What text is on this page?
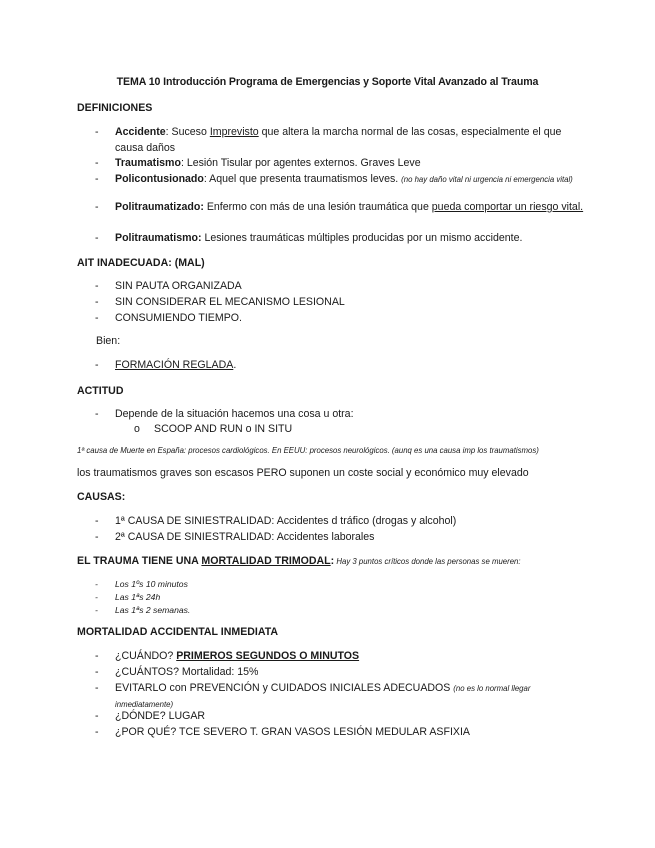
TEMA 10 Introducción Programa de Emergencias y Soporte Vital Avanzado al Trauma
DEFINICIONES
- Accidente: Suceso Imprevisto que altera la marcha normal de las cosas, especialmente el que causa daños
- Traumatismo: Lesión Tisular por agentes externos. Graves Leve
- Policontusionado: Aquel que presenta traumatismos leves. (no hay daño vital ni urgencia ni emergencia vital)
- Politraumatizado: Enfermo con más de una lesión traumática que pueda comportar un riesgo vital.
- Politraumatismo: Lesiones traumáticas múltiples producidas por un mismo accidente.
AIT INADECUADA: (MAL)
- SIN PAUTA ORGANIZADA
- SIN CONSIDERAR EL MECANISMO LESIONAL
- CONSUMIENDO TIEMPO.
Bien:
- FORMACIÓN REGLADA.
ACTITUD
- Depende de la situación hacemos una cosa u otra:
o SCOOP AND RUN o IN SITU
1ª causa de Muerte en España: procesos cardiológicos. En EEUU: procesos neurológicos. (aunq es una causa imp los traumatismos)
los traumatismos graves son escasos PERO suponen un coste social y económico muy elevado
CAUSAS:
- 1ª CAUSA DE SINIESTRALIDAD: Accidentes d tráfico (drogas y alcohol)
- 2ª CAUSA DE SINIESTRALIDAD: Accidentes laborales
EL TRAUMA TIENE UNA MORTALIDAD TRIMODAL: Hay 3 puntos críticos donde las personas se mueren:
- Los 1ºs 10 minutos
- Las 1ªs 24h
- Las 1ªs 2 semanas.
MORTALIDAD ACCIDENTAL INMEDIATA
- ¿CUÁNDO? PRIMEROS SEGUNDOS O MINUTOS
- ¿CUÁNTOS? Mortalidad: 15%
- EVITARLO con PREVENCIÓN y CUIDADOS INICIALES ADECUADOS (no es lo normal llegar inmediatamente)
- ¿DÓNDE? LUGAR
- ¿POR QUÉ? TCE SEVERO T. GRAN VASOS LESIÓN MEDULAR ASFIXIA
